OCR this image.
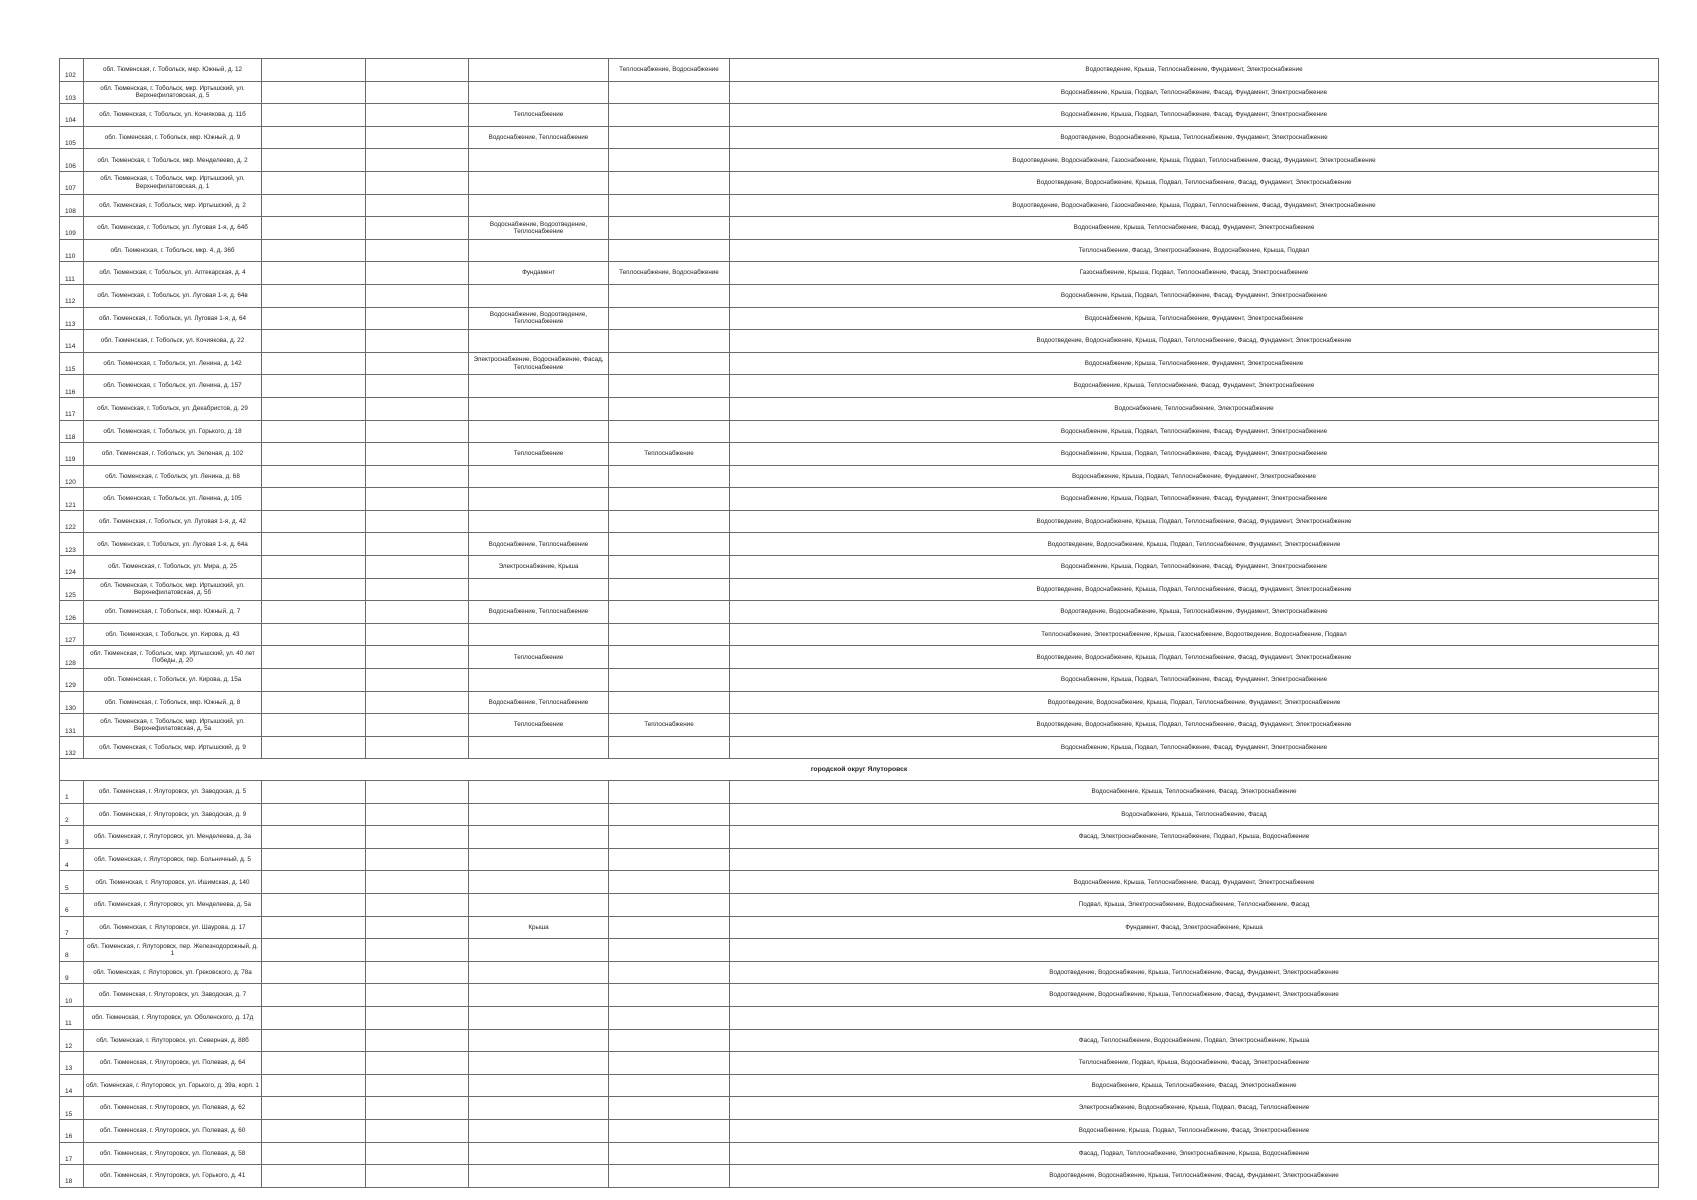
102	обл. Тюменская, г. Тобольск, мкр. Южный, д. 12				Теплоснабжение, Водоснабжение	Водоотведение, Крыша, Теплоснабжение, Фундамент, Электроснабжение
103	обл. Тюменская, г. Тобольск, мкр. Иртышский, ул. Верхнефилатовская, д. 5					Водоснабжение, Крыша, Подвал, Теплоснабжение, Фасад, Фундамент, Электроснабжение
104	обл. Тюменская, г. Тобольск, ул. Кочиякова, д. 11б			Теплоснабжение		Водоснабжение, Крыша, Подвал, Теплоснабжение, Фасад, Фундамент, Электроснабжение
105	обл. Тюменская, г. Тобольск, мкр. Южный, д. 9			Водоснабжение, Теплоснабжение		Водоотведение, Водоснабжение, Крыша, Теплоснабжение, Фундамент, Электроснабжение
106	обл. Тюменская, г. Тобольск, мкр. Менделеево, д. 2					Водоотведение, Водоснабжение, Газоснабжение, Крыша, Подвал, Теплоснабжение, Фасад, Фундамент, Электроснабжение
107	обл. Тюменская, г. Тобольск, мкр. Иртышский, ул. Верхнефилатовская, д. 1					Водоотведение, Водоснабжение, Крыша, Подвал, Теплоснабжение, Фасад, Фундамент, Электроснабжение
108	обл. Тюменская, г. Тобольск, мкр. Иртышский, д. 2					Водоотведение, Водоснабжение, Газоснабжение, Крыша, Подвал, Теплоснабжение, Фасад, Фундамент, Электроснабжение
109	обл. Тюменская, г. Тобольск, ул. Луговая 1-я, д. 64б			Водоснабжение, Водоотведение, Теплоснабжение		Водоснабжение, Крыша, Теплоснабжение, Фасад, Фундамент, Электроснабжение
110	обл. Тюменская, г. Тобольск, мкр. 4, д. 36б					Теплоснабжение, Фасад, Электроснабжение, Водоснабжение, Крыша, Подвал
111	обл. Тюменская, г. Тобольск, ул. Аптекарская, д. 4			Фундамент	Теплоснабжение, Водоснабжение	Газоснабжение, Крыша, Подвал, Теплоснабжение, Фасад, Электроснабжение
112	обл. Тюменская, г. Тобольск, ул. Луговая 1-я, д. 64в					Водоснабжение, Крыша, Подвал, Теплоснабжение, Фасад, Фундамент, Электроснабжение
113	обл. Тюменская, г. Тобольск, ул. Луговая 1-я, д. 64			Водоснабжение, Водоотведение, Теплоснабжение		Водоснабжение, Крыша, Теплоснабжение, Фундамент, Электроснабжение
114	обл. Тюменская, г. Тобольск, ул. Кочиякова, д. 22					Водоотведение, Водоснабжение, Крыша, Подвал, Теплоснабжение, Фасад, Фундамент, Электроснабжение
115	обл. Тюменская, г. Тобольск, ул. Ленина, д. 142			Электроснабжение, Водоснабжение, Фасад, Теплоснабжение		Водоснабжение, Крыша, Теплоснабжение, Фундамент, Электроснабжение
116	обл. Тюменская, г. Тобольск, ул. Ленина, д. 157					Водоснабжение, Крыша, Теплоснабжение, Фасад, Фундамент, Электроснабжение
117	обл. Тюменская, г. Тобольск, ул. Декабристов, д. 29					Водоснабжение, Теплоснабжение, Электроснабжение
118	обл. Тюменская, г. Тобольск, ул. Горького, д. 18					Водоснабжение, Крыша, Подвал, Теплоснабжение, Фасад, Фундамент, Электроснабжение
119	обл. Тюменская, г. Тобольск, ул. Зеленая, д. 102			Теплоснабжение	Теплоснабжение	Водоснабжение, Крыша, Подвал, Теплоснабжение, Фасад, Фундамент, Электроснабжение
120	обл. Тюменская, г. Тобольск, ул. Ленина, д. 68					Водоснабжение, Крыша, Подвал, Теплоснабжение, Фундамент, Электроснабжение
121	обл. Тюменская, г. Тобольск, ул. Ленина, д. 105					Водоснабжение, Крыша, Подвал, Теплоснабжение, Фасад, Фундамент, Электроснабжение
122	обл. Тюменская, г. Тобольск, ул. Луговая 1-я, д. 42					Водоотведение, Водоснабжение, Крыша, Подвал, Теплоснабжение, Фасад, Фундамент, Электроснабжение
123	обл. Тюменская, г. Тобольск, ул. Луговая 1-я, д. 64а			Водоснабжение, Теплоснабжение		Водоотведение, Водоснабжение, Крыша, Подвал, Теплоснабжение, Фундамент, Электроснабжение
124	обл. Тюменская, г. Тобольск, ул. Мира, д. 25			Электроснабжение, Крыша		Водоснабжение, Крыша, Подвал, Теплоснабжение, Фасад, Фундамент, Электроснабжение
125	обл. Тюменская, г. Тобольск, мкр. Иртышский, ул. Верхнефилатовская, д. 5б					Водоотведение, Водоснабжение, Крыша, Подвал, Теплоснабжение, Фасад, Фундамент, Электроснабжение
126	обл. Тюменская, г. Тобольск, мкр. Южный, д. 7			Водоснабжение, Теплоснабжение		Водоотведение, Водоснабжение, Крыша, Теплоснабжение, Фундамент, Электроснабжение
127	обл. Тюменская, г. Тобольск, ул. Кирова, д. 43					Теплоснабжение, Электроснабжение, Крыша, Газоснабжение, Водоотведение, Водоснабжение, Подвал
128	обл. Тюменская, г. Тобольск, мкр. Иртышский, ул. 40 лет Победы, д. 20			Теплоснабжение		Водоотведение, Водоснабжение, Крыша, Подвал, Теплоснабжение, Фасад, Фундамент, Электроснабжение
129	обл. Тюменская, г. Тобольск, ул. Кирова, д. 15а					Водоснабжение, Крыша, Подвал, Теплоснабжение, Фасад, Фундамент, Электроснабжение
130	обл. Тюменская, г. Тобольск, мкр. Южный, д. 8			Водоснабжение, Теплоснабжение		Водоотведение, Водоснабжение, Крыша, Подвал, Теплоснабжение, Фундамент, Электроснабжение
131	обл. Тюменская, г. Тобольск, мкр. Иртышский, ул. Верхнефилатовская, д. 5а			Теплоснабжение	Теплоснабжение	Водоотведение, Водоснабжение, Крыша, Подвал, Теплоснабжение, Фасад, Фундамент, Электроснабжение
132	обл. Тюменская, г. Тобольск, мкр. Иртышский, д. 9					Водоснабжение, Крыша, Подвал, Теплоснабжение, Фасад, Фундамент, Электроснабжение
городской округ Ялуторовск						
1	обл. Тюменская, г. Ялуторовск, ул. Заводская, д. 5					Водоснабжение, Крыша, Теплоснабжение, Фасад, Электроснабжение
2	обл. Тюменская, г. Ялуторовск, ул. Заводская, д. 9					Водоснабжение, Крыша, Теплоснабжение, Фасад
3	обл. Тюменская, г. Ялуторовск, ул. Менделеева, д. 3а					Фасад, Электроснабжение, Теплоснабжение, Подвал, Крыша, Водоснабжение
4	обл. Тюменская, г. Ялуторовск, пер. Больничный, д. 5					
5	обл. Тюменская, г. Ялуторовск, ул. Ишимская, д. 140					Водоснабжение, Крыша, Теплоснабжение, Фасад, Фундамент, Электроснабжение
6	обл. Тюменская, г. Ялуторовск, ул. Менделеева, д. 5а					Подвал, Крыша, Электроснабжение, Водоснабжение, Теплоснабжение, Фасад
7	обл. Тюменская, г. Ялуторовск, ул. Шаурова, д. 17			Крыша		Фундамент, Фасад, Электроснабжение, Крыша
8	обл. Тюменская, г. Ялуторовск, пер. Железнодорожный, д. 1					
9	обл. Тюменская, г. Ялуторовск, ул. Грековского, д. 78а					Водоотведение, Водоснабжение, Крыша, Теплоснабжение, Фасад, Фундамент, Электроснабжение
10	обл. Тюменская, г. Ялуторовск, ул. Заводская, д. 7					Водоотведение, Водоснабжение, Крыша, Теплоснабжение, Фасад, Фундамент, Электроснабжение
11	обл. Тюменская, г. Ялуторовск, ул. Оболенского, д. 17д					
12	обл. Тюменская, г. Ялуторовск, ул. Северная, д. 88б					Фасад, Теплоснабжение, Водоснабжение, Подвал, Электроснабжение, Крыша
13	обл. Тюменская, г. Ялуторовск, ул. Полевая, д. 64					Теплоснабжение, Подвал, Крыша, Водоснабжение, Фасад, Электроснабжение
14	обл. Тюменская, г. Ялуторовск, ул. Горького, д. 39а, корп. 1					Водоснабжение, Крыша, Теплоснабжение, Фасад, Электроснабжение
15	обл. Тюменская, г. Ялуторовск, ул. Полевая, д. 62					Электроснабжение, Водоснабжение, Крыша, Подвал, Фасад, Теплоснабжение
16	обл. Тюменская, г. Ялуторовск, ул. Полевая, д. 60					Водоснабжение, Крыша, Подвал, Теплоснабжение, Фасад, Электроснабжение
17	обл. Тюменская, г. Ялуторовск, ул. Полевая, д. 58					Фасад, Подвал, Теплоснабжение, Электроснабжение, Крыша, Водоснабжение
18	обл. Тюменская, г. Ялуторовск, ул. Горького, д. 41					Водоотведение, Водоснабжение, Крыша, Теплоснабжение, Фасад, Фундамент, Электроснабжение
